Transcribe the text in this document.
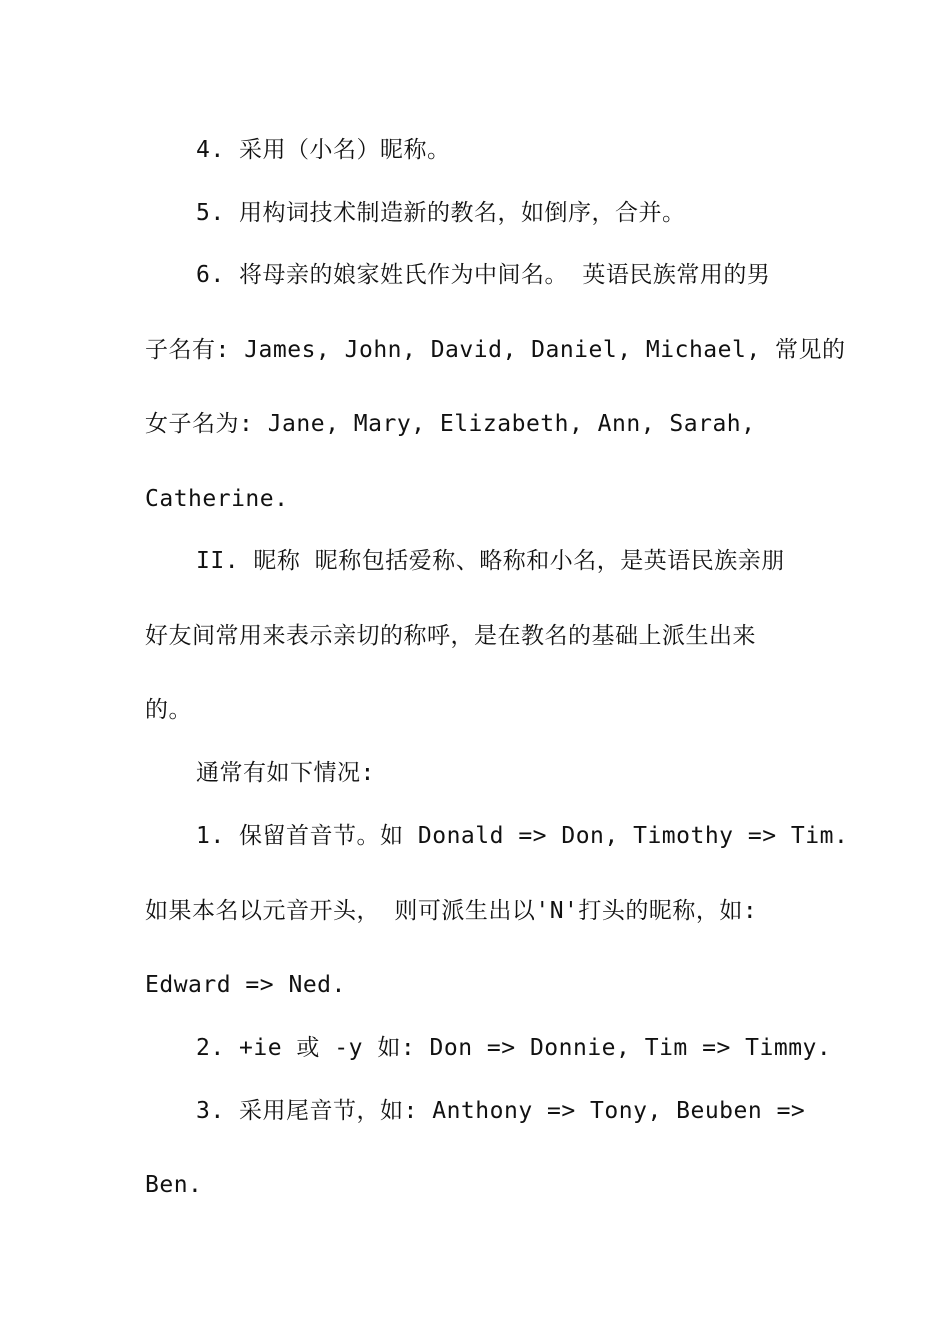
4. 采用（小名）昵称。
5. 用构词技术制造新的教名，如倒序，合并。
6. 将母亲的娘家姓氏作为中间名。 英语民族常用的男
子名有: James, John, David, Daniel, Michael, 常见的
女子名为: Jane, Mary, Elizabeth, Ann, Sarah,
Catherine.
II. 昵称 昵称包括爱称、略称和小名，是英语民族亲朋
好友间常用来表示亲切的称呼，是在教名的基础上派生出来
的。
通常有如下情况:
1. 保留首音节。如 Donald => Don, Timothy => Tim.
如果本名以元音开头， 则可派生出以'N'打头的昵称，如:
Edward => Ned.
2. +ie 或 -y 如: Don => Donnie, Tim => Timmy.
3. 采用尾音节，如: Anthony => Tony, Beuben =>
Ben.
